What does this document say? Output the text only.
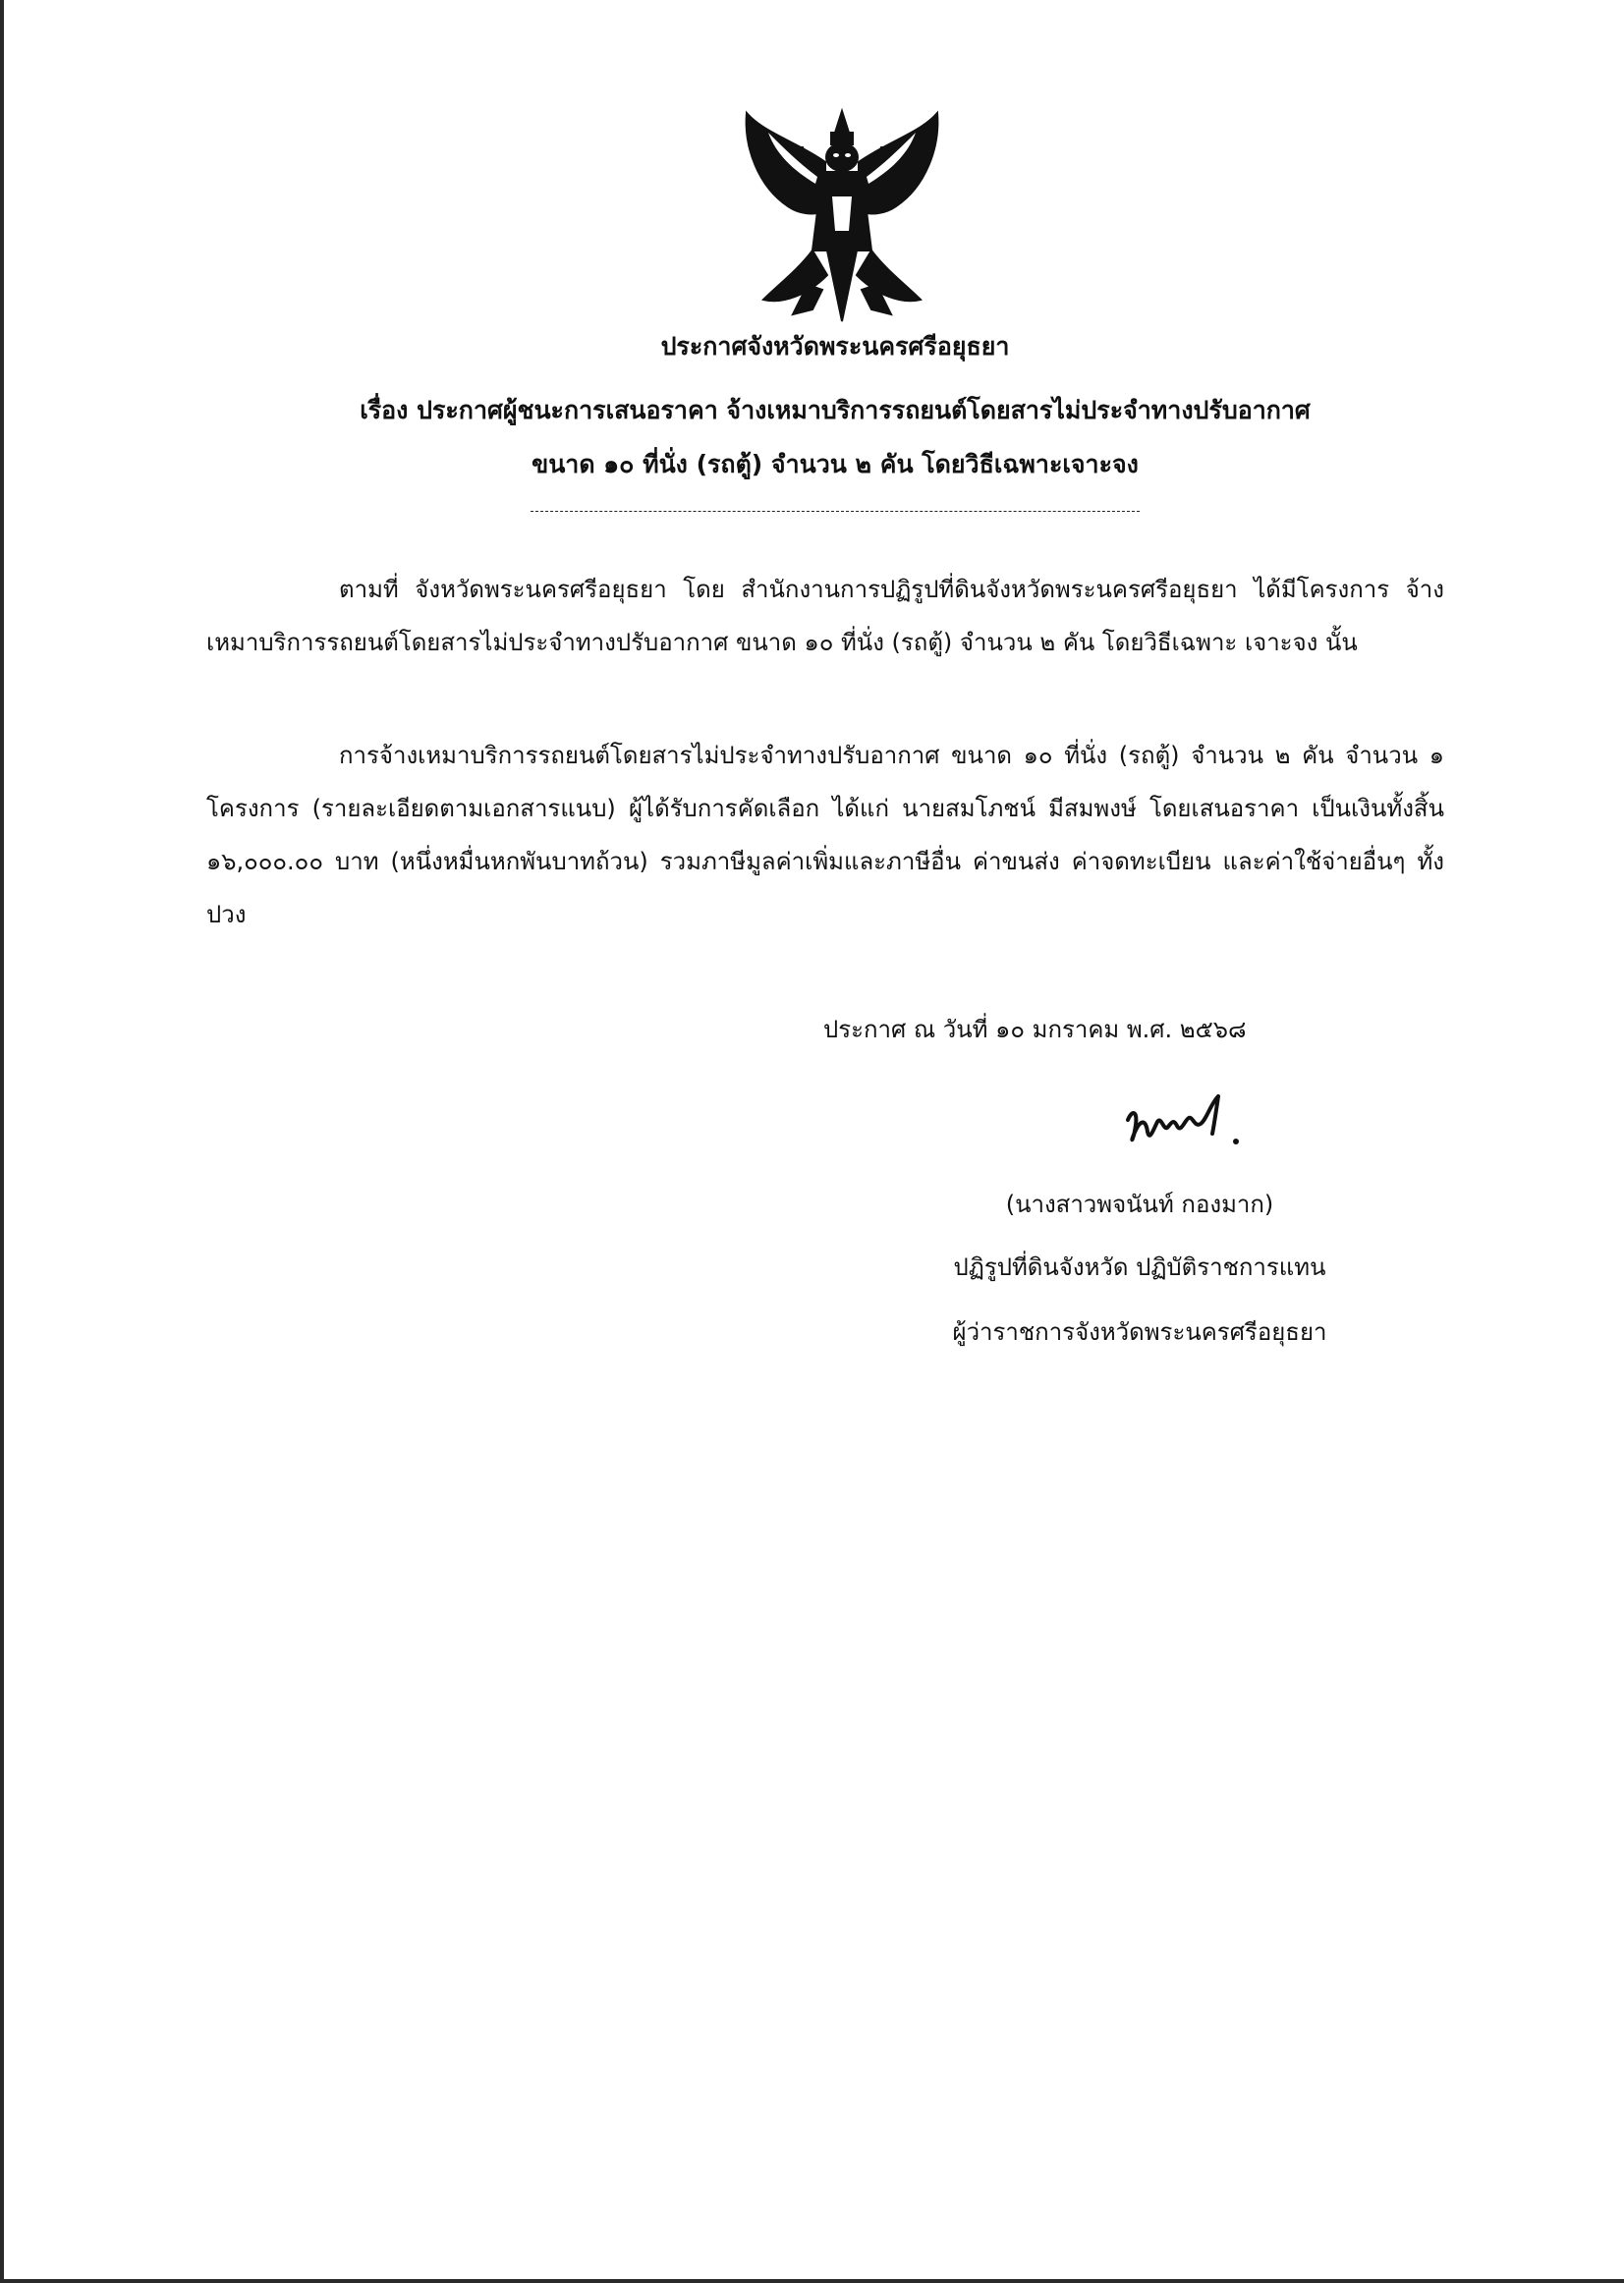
ประกาศจังหวัดพระนครศรีอยุธยา
เรื่อง ประกาศผู้ชนะการเสนอราคา จ้างเหมาบริการรถยนต์โดยสารไม่ประจำทางปรับอากาศ
ขนาด ๑๐ ที่นั่ง (รถตู้) จำนวน ๒ คัน โดยวิธีเฉพาะเจาะจง

ตามที่ จังหวัดพระนครศรีอยุธยา โดย สำนักงานการปฏิรูปที่ดินจังหวัดพระนครศรีอยุธยา ได้มีโครงการ จ้างเหมาบริการรถยนต์โดยสารไม่ประจำทางปรับอากาศ ขนาด ๑๐ ที่นั่ง (รถตู้) จำนวน ๒ คัน โดยวิธีเฉพาะ เจาะจง นั้น

การจ้างเหมาบริการรถยนต์โดยสารไม่ประจำทางปรับอากาศ ขนาด ๑๐ ที่นั่ง (รถตู้) จำนวน ๒ คัน จำนวน ๑ โครงการ (รายละเอียดตามเอกสารแนบ) ผู้ได้รับการคัดเลือก ได้แก่ นายสมโภชน์ มีสมพงษ์ โดยเสนอราคา เป็นเงินทั้งสิ้น ๑๖,๐๐๐.๐๐ บาท (หนึ่งหมื่นหกพันบาทถ้วน) รวมภาษีมูลค่าเพิ่มและภาษีอื่น ค่าขนส่ง ค่าจดทะเบียน และค่าใช้จ่ายอื่นๆ ทั้งปวง

ประกาศ ณ วันที่ ๑๐ มกราคม พ.ศ. ๒๕๖๘
(นางสาวพจนันท์ กองมาก)
ปฏิรูปที่ดินจังหวัด ปฏิบัติราชการแทน
ผู้ว่าราชการจังหวัดพระนครศรีอยุธยา
